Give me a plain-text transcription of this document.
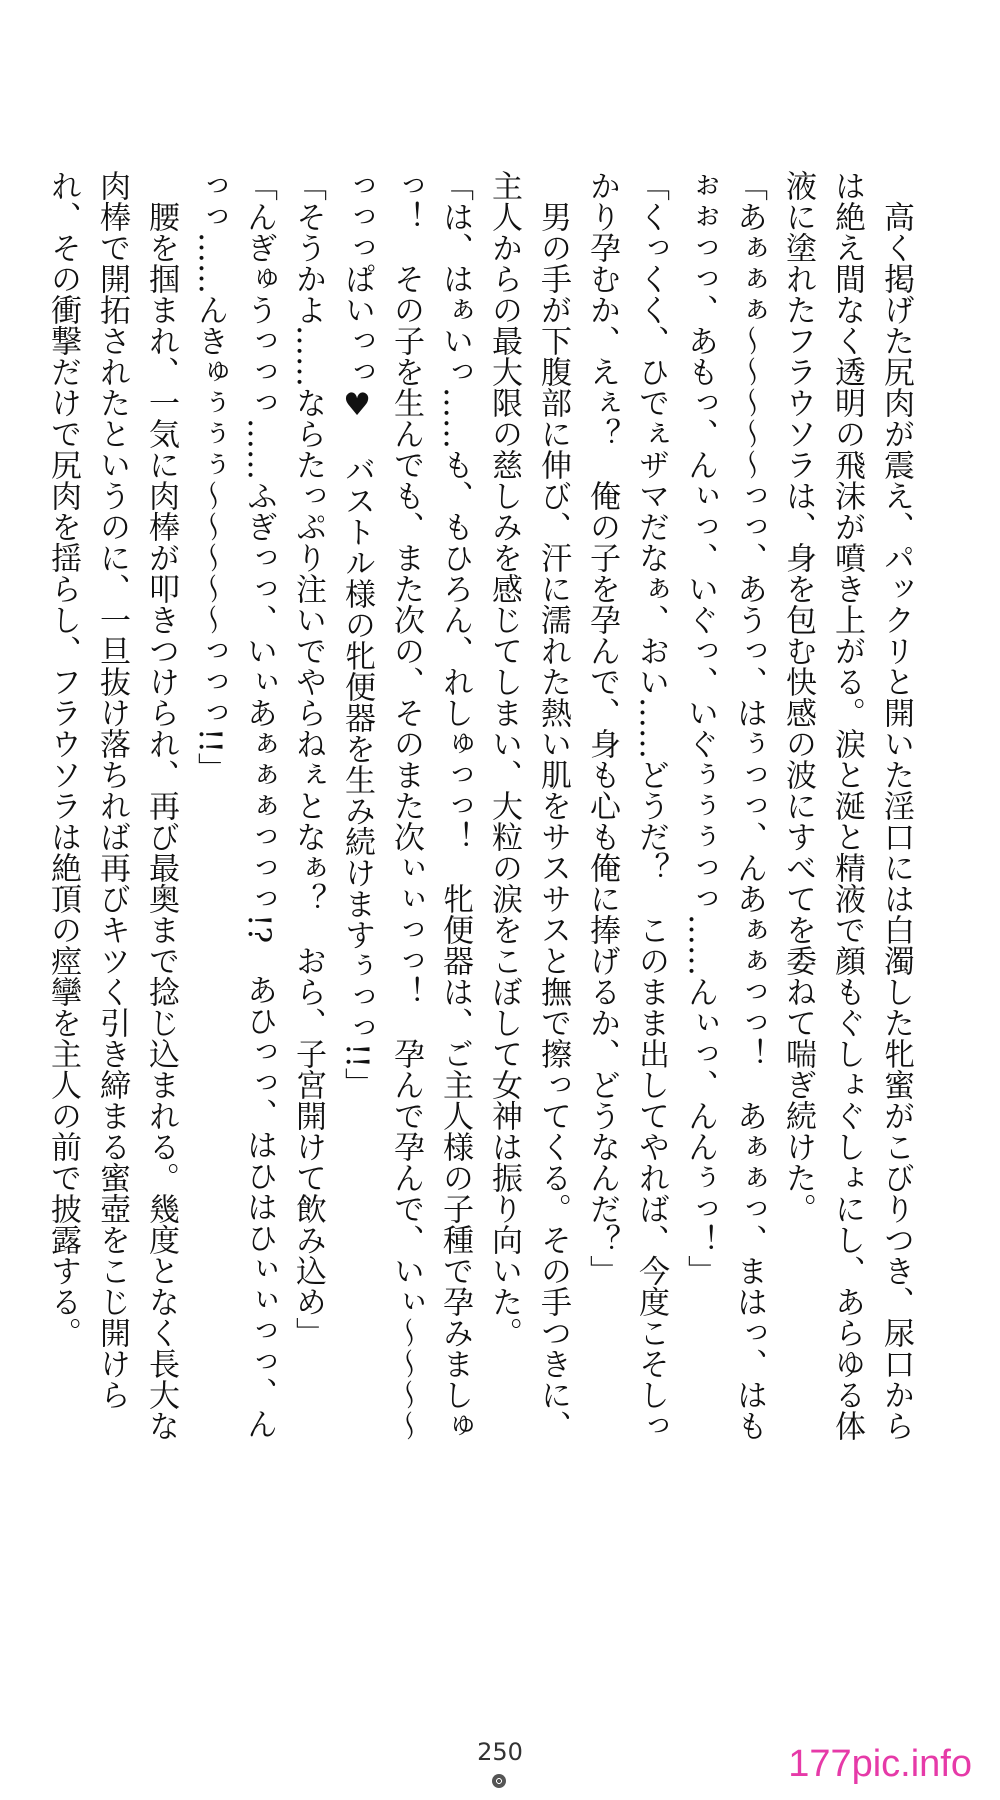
高く掲げた尻肉が震え、パックリと開いた淫口には白濁した牝蜜がこびりつき、尿口からは絶え間なく透明の飛沫が噴き上がる。涙と涎と精液で顔もぐしょぐしょにし、あらゆる体液に塗れたフラウソラは、身を包む快感の波にすべてを委ねて喘ぎ続けた。

「あぁぁぁ〜〜〜〜〜っっ、あうっ、はぅっっ、んあぁぁっっ！　あぁぁっ、まはっ、はもぉぉっっ、あもっ、んぃっ、いぐっ、いぐぅぅぅっっ……んぃっ、んんぅっ！」

「くっくく、ひでぇザマだなぁ、おい……どうだ？　このまま出してやれば、今度こそしっかり孕むか、えぇ？　俺の子を孕んで、身も心も俺に捧げるか、どうなんだ？」

男の手が下腹部に伸び、汗に濡れた熱い肌をサスサスと撫で擦ってくる。その手つきに、主人からの最大限の慈しみを感じてしまい、大粒の涙をこぼして女神は振り向いた。

「は、はぁいっ……も、もひろん、れしゅっっ！　牝便器は、ご主人様の子種で孕みましゅっ！　その子を生んでも、また次の、そのまた次ぃぃっっ！　孕んで孕んで、いぃ〜〜〜〜っっっぱいっっ♥　バストル様の牝便器を生み続けますぅっっ!!」

「そうかよ……ならたっぷり注いでやらねぇとなぁ？　おら、子宮開けて飲み込め」

「んぎゅうっっっ……ふぎっっ、いぃあぁぁぁっっっ!?　あひっっ、はひはひぃぃっっ、んっっ……んきゅぅぅぅ〜〜〜〜〜っっっ!!」

腰を掴まれ、一気に肉棒が叩きつけられ、再び最奥まで捻じ込まれる。幾度となく長大な肉棒で開拓されたというのに、一旦抜け落ちれば再びキツく引き締まる蜜壺をこじ開けられ、その衝撃だけで尻肉を揺らし、フラウソラは絶頂の痙攣を主人の前で披露する。

250	177pic.info
